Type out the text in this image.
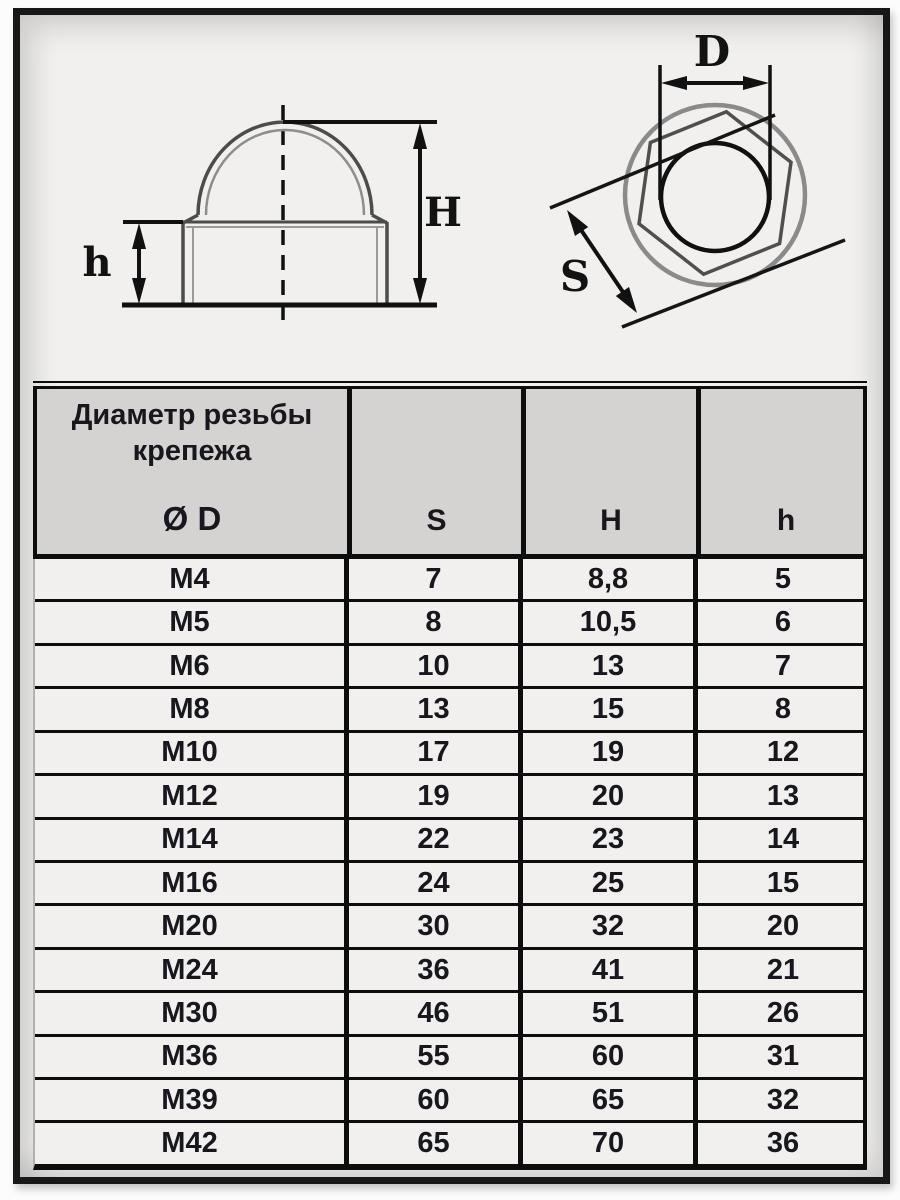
H
h
D
S
Диаметр резьбы
крепежа
Ø D	S	H	h
M4	7	8,8	5
M5	8	10,5	6
M6	10	13	7
M8	13	15	8
M10	17	19	12
M12	19	20	13
M14	22	23	14
M16	24	25	15
M20	30	32	20
M24	36	41	21
M30	46	51	26
M36	55	60	31
M39	60	65	32
M42	65	70	36
